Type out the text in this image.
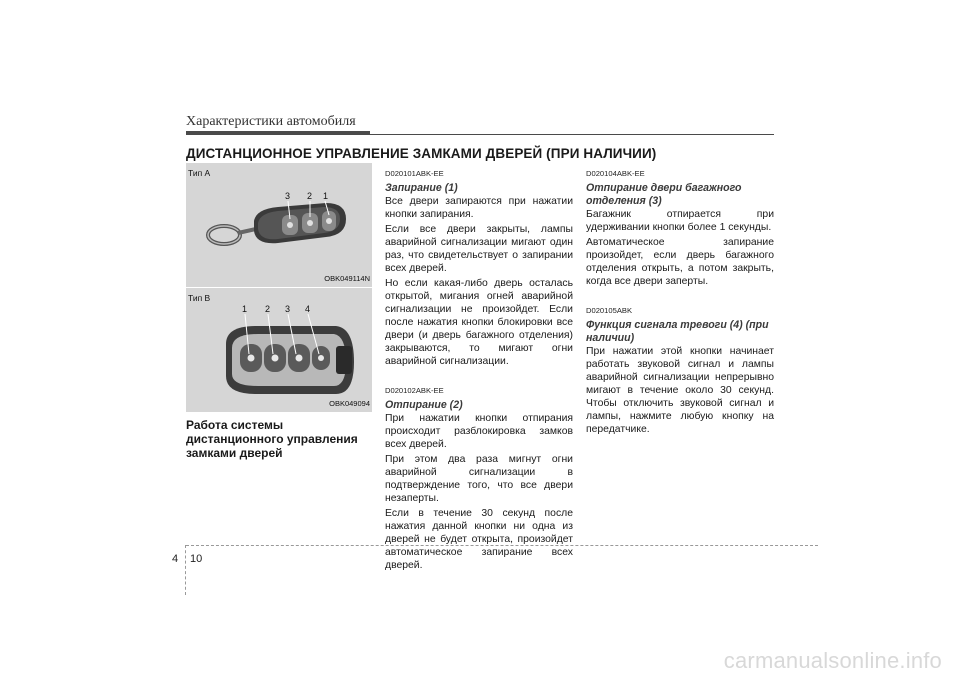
Характеристики автомобиля
ДИСТАНЦИОННОЕ УПРАВЛЕНИЕ ЗАМКАМИ ДВЕРЕЙ (ПРИ НАЛИЧИИ)
3 2 1
Тип А
OBK049114N
1 2 3 4
Тип B
OBK049094
Работа системы дистанционного управления замками дверей
D020101ABK-EE
Запирание (1)

Все двери запираются при нажатии кнопки запирания.

Если все двери закрыты, лампы аварийной сигнализации мигают один раз, что свидетельствует о запирании всех дверей.

Но если какая-либо дверь осталась открытой, мигания огней аварийной сигнализации не произойдет. Если после нажатия кнопки блокировки все двери (и дверь багажного отделения) закрываются, то мигают огни аварийной сигнализации.

D020102ABK-EE
Отпирание (2)

При нажатии кнопки отпирания происходит разблокировка замков всех дверей.

При этом два раза мигнут огни аварийной сигнализации в подтверждение того, что все двери незаперты.

Если в течение 30 секунд после нажатия данной кнопки ни одна из дверей не будет открыта, произойдет автоматическое запирание всех дверей.

D020104ABK-EE
Отпирание двери багажного отделения (3)

Багажник отпирается при удерживании кнопки более 1 секунды.

Автоматическое запирание произойдет, если дверь багажного отделения открыть, а потом закрыть, когда все двери заперты.

D020105ABK
Функция сигнала тревоги (4) (при наличии)

При нажатии этой кнопки начинает работать звуковой сигнал и лампы аварийной сигнализации непрерывно мигают в течение около 30 секунд. Чтобы отключить звуковой сигнал и лампы, нажмите любую кнопку на передатчике.

4 10
carmanualsonline.info
